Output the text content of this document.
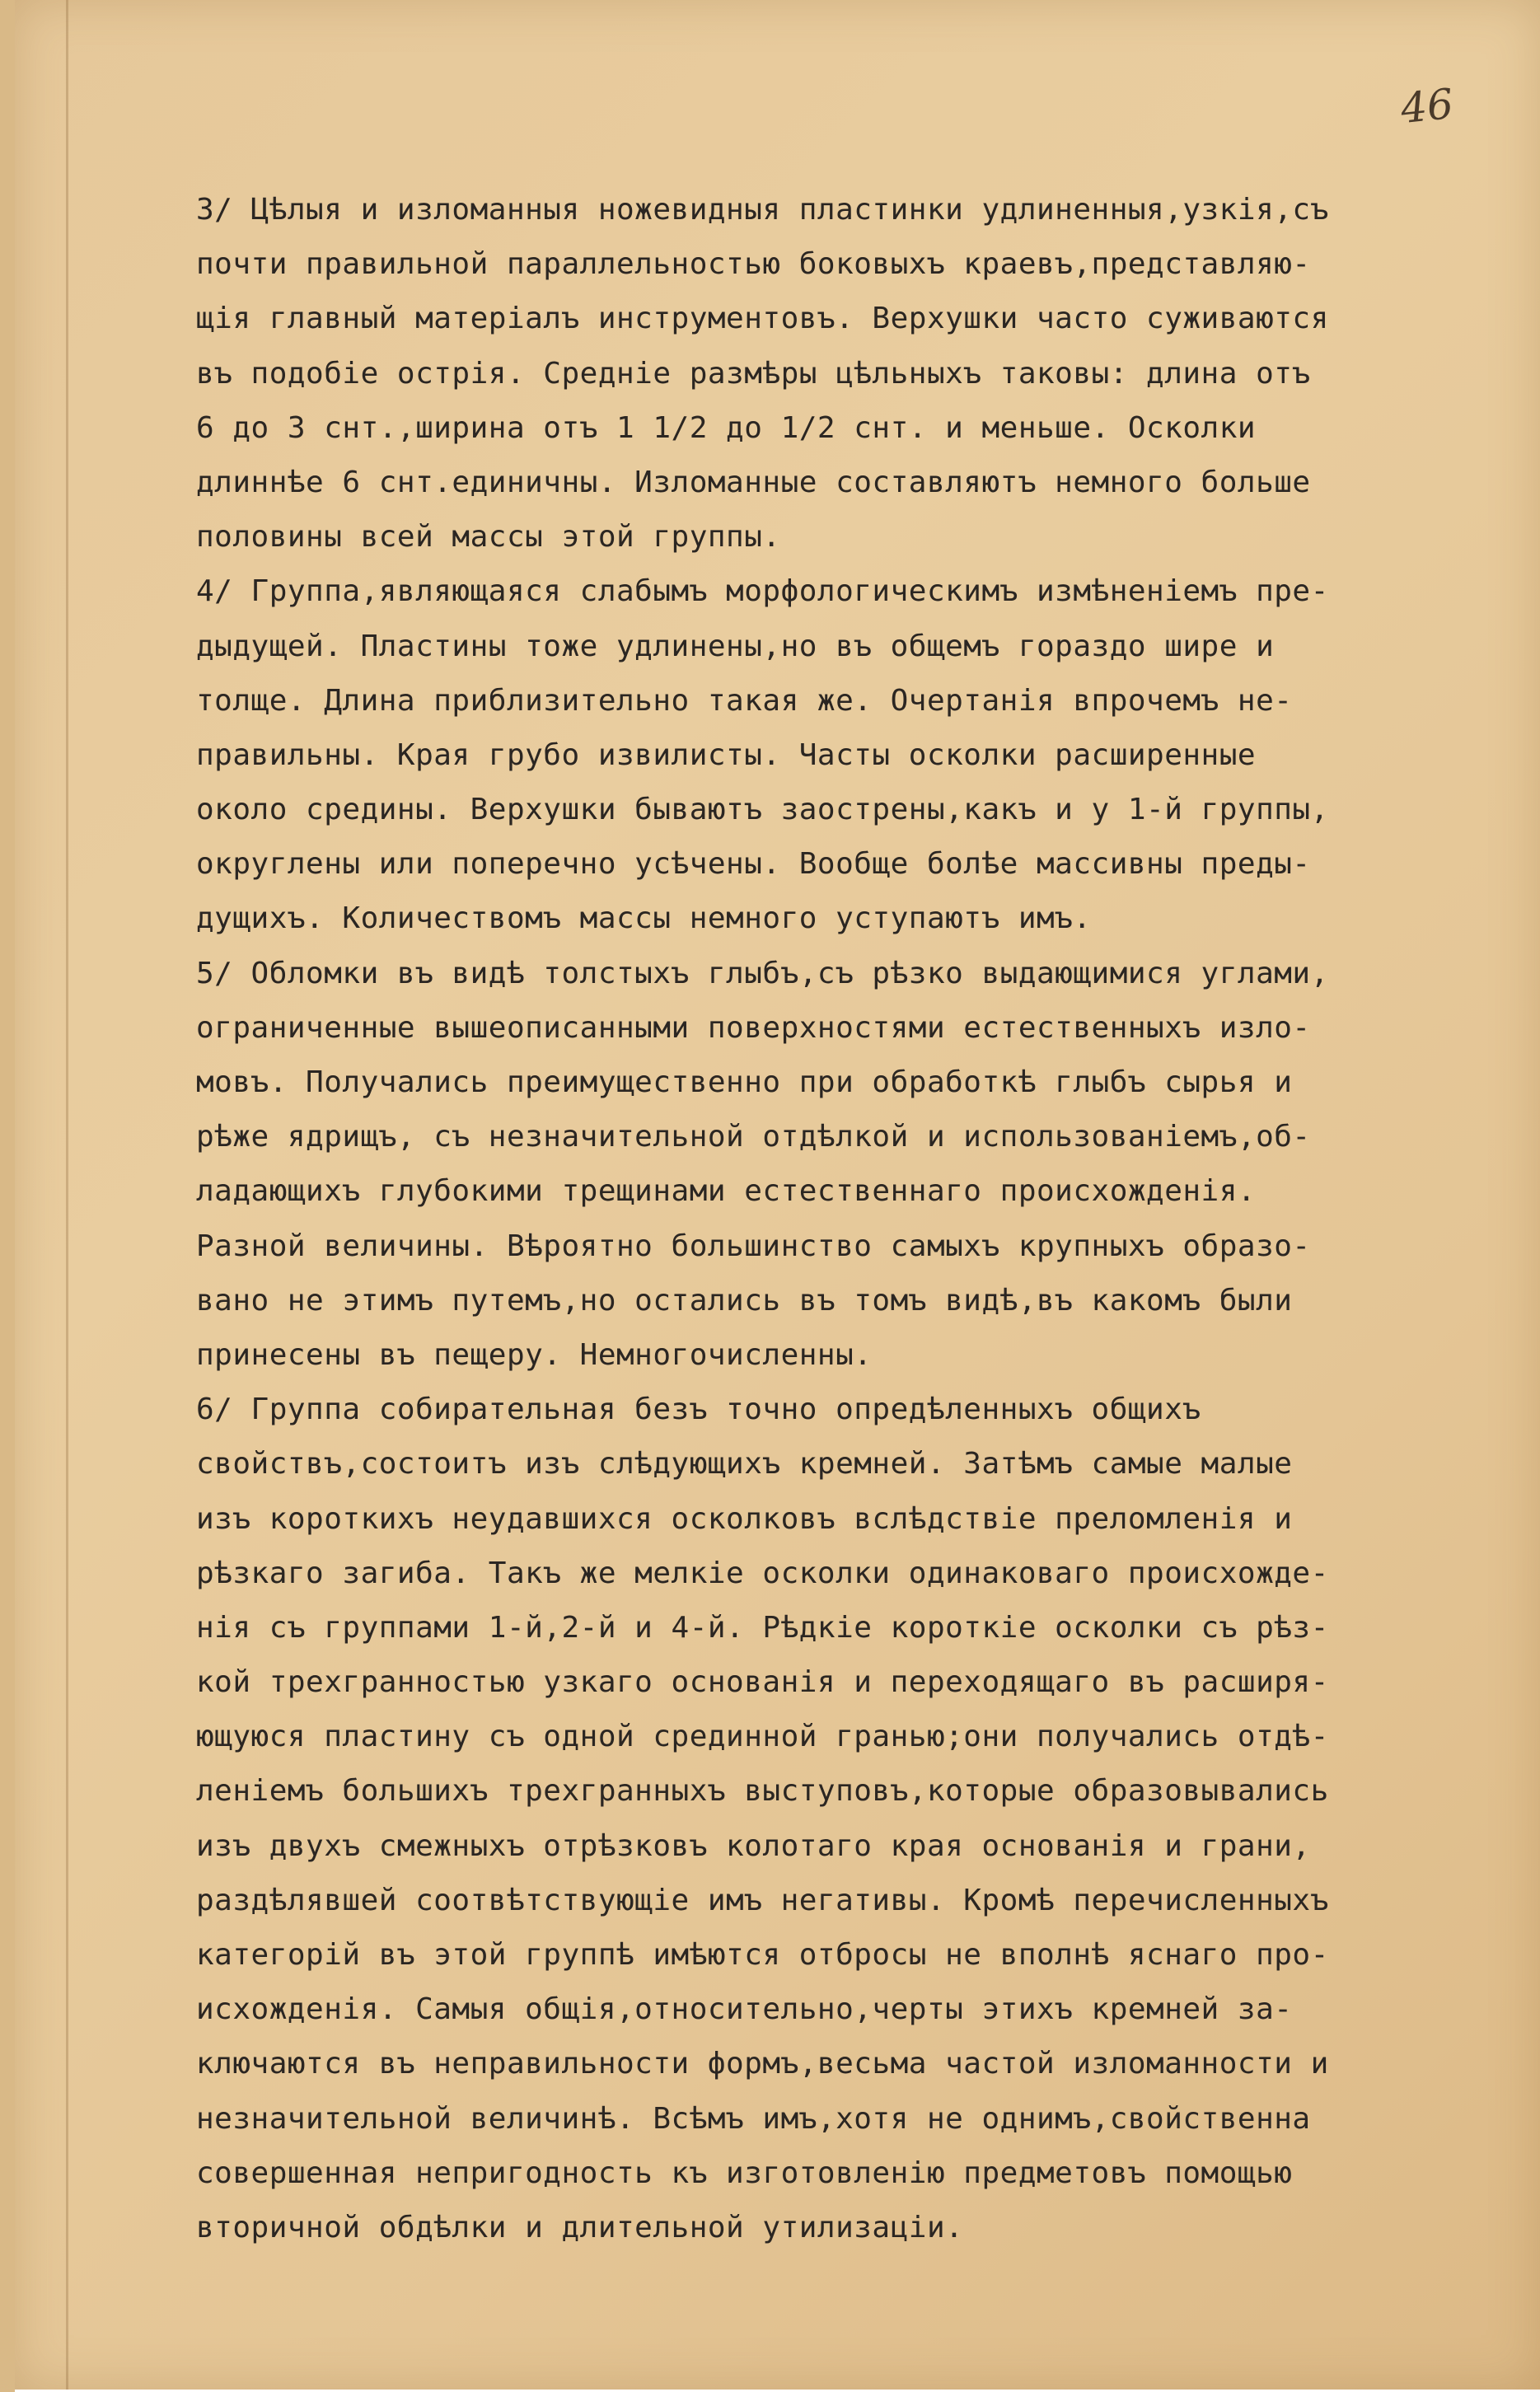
46
3/ Цѣлыя и изломанныя ножевидныя пластинки удлиненныя,узкія,съ
почти правильной параллельностью боковыхъ краевъ,представляю-
щія главный матеріалъ инструментовъ. Верхушки часто суживаются
въ подобіе острія. Средніе размѣры цѣльныхъ таковы: длина отъ
6 до 3 снт.,ширина отъ 1 1/2 до 1/2 снт. и меньше. Осколки
длиннѣе 6 снт.единичны. Изломанные составляютъ немного больше
половины всей массы этой группы.
4/ Группа,являющаяся слабымъ морфологическимъ измѣненіемъ пре-
дыдущей. Пластины тоже удлинены,но въ общемъ гораздо шире и
толще. Длина приблизительно такая же. Очертанія впрочемъ не-
правильны. Края грубо извилисты. Часты осколки расширенные
около средины. Верхушки бываютъ заострены,какъ и у 1-й группы,
округлены или поперечно усѣчены. Вообще болѣе массивны преды-
дущихъ. Количествомъ массы немного уступаютъ имъ.
5/ Обломки въ видѣ толстыхъ глыбъ,съ рѣзко выдающимися углами,
ограниченные вышеописанными поверхностями естественныхъ изло-
мовъ. Получались преимущественно при обработкѣ глыбъ сырья и
рѣже ядрищъ, съ незначительной отдѣлкой и использованіемъ,об-
ладающихъ глубокими трещинами естественнаго происхожденія.
Разной величины. Вѣроятно большинство самыхъ крупныхъ образо-
вано не этимъ путемъ,но остались въ томъ видѣ,въ какомъ были
принесены въ пещеру. Немногочисленны.
6/ Группа собирательная безъ точно опредѣленныхъ общихъ
свойствъ,состоитъ изъ слѣдующихъ кремней. Затѣмъ самые малые
изъ короткихъ неудавшихся осколковъ вслѣдствіе преломленія и
рѣзкаго загиба. Такъ же мелкіе осколки одинаковаго происхожде-
нія съ группами 1-й,2-й и 4-й. Рѣдкіе короткіе осколки съ рѣз-
кой трехгранностью узкаго основанія и переходящаго въ расширя-
ющуюся пластину съ одной срединной гранью;они получались отдѣ-
леніемъ большихъ трехгранныхъ выступовъ,которые образовывались
изъ двухъ смежныхъ отрѣзковъ колотаго края основанія и грани,
раздѣлявшей соотвѣтствующіе имъ негативы. Кромѣ перечисленныхъ
категорій въ этой группѣ имѣются отбросы не вполнѣ яснаго про-
исхожденія. Самыя общія,относительно,черты этихъ кремней за-
ключаются въ неправильности формъ,весьма частой изломанности и
незначительной величинѣ. Всѣмъ имъ,хотя не однимъ,свойственна
совершенная непригодность къ изготовленію предметовъ помощью
вторичной обдѣлки и длительной утилизаціи.
